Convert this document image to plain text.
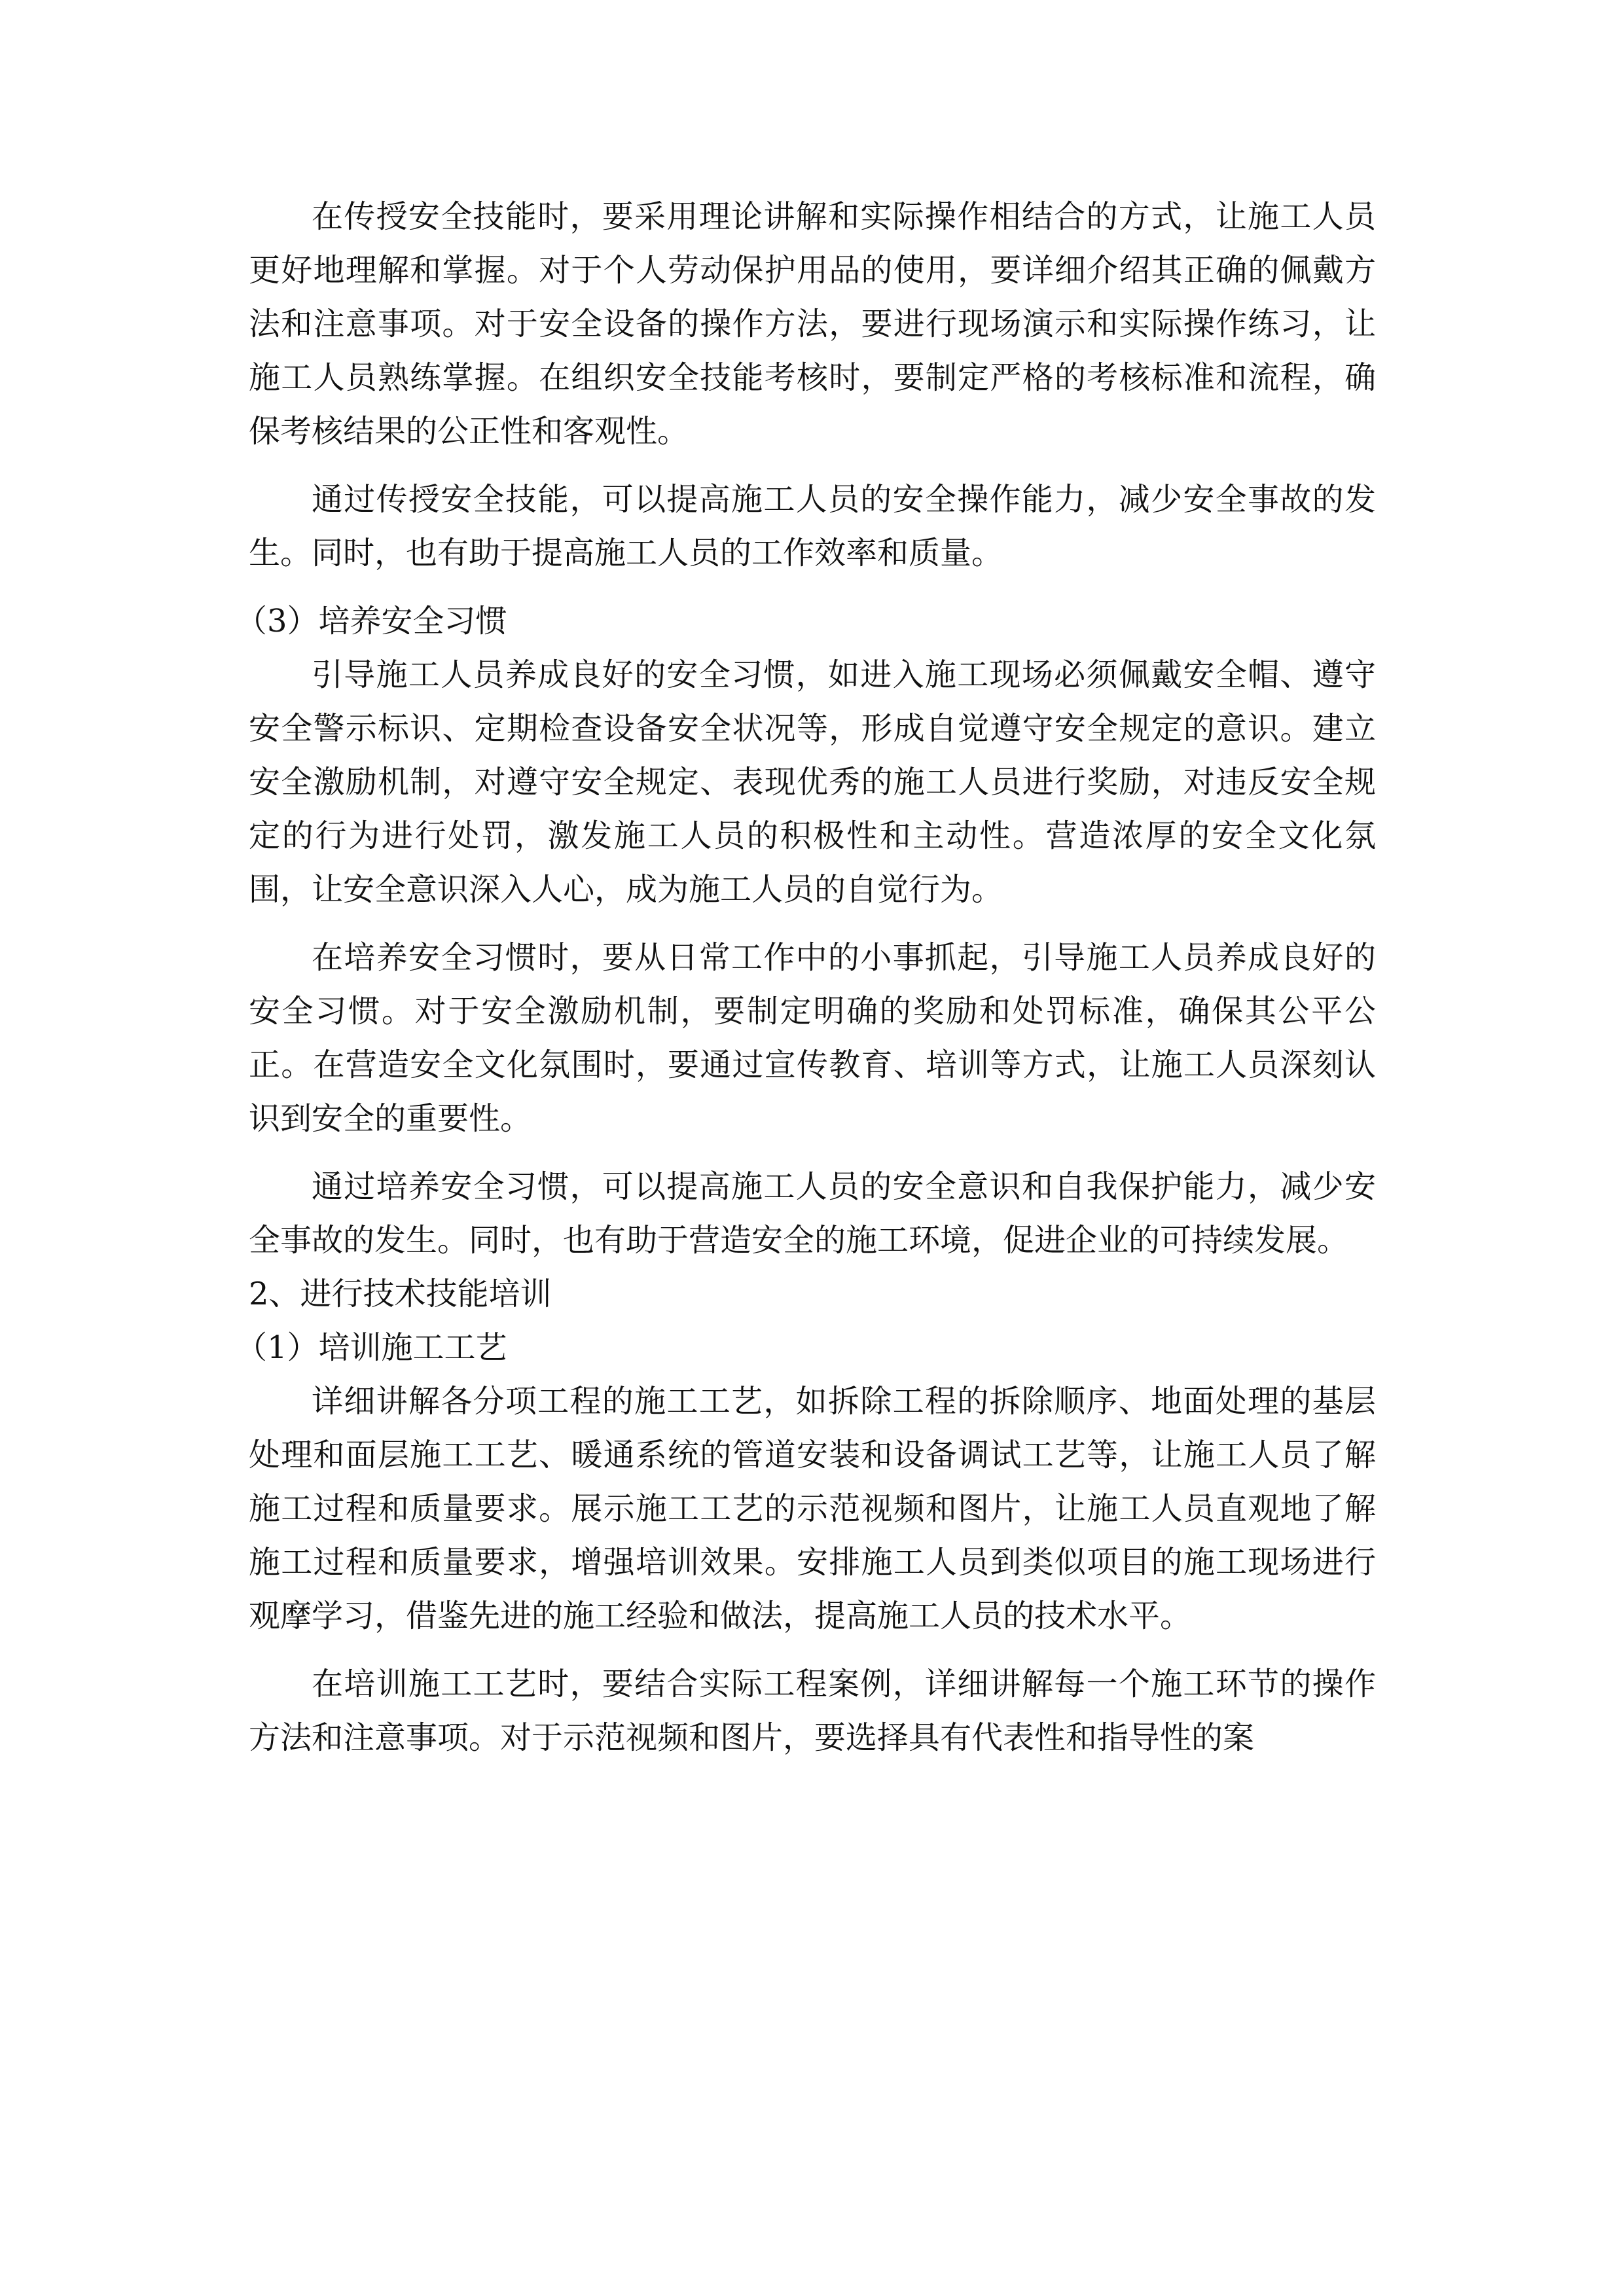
在传授安全技能时，要采用理论讲解和实际操作相结合的方式，让施工人员更好地理解和掌握。对于个人劳动保护用品的使用，要详细介绍其正确的佩戴方法和注意事项。对于安全设备的操作方法，要进行现场演示和实际操作练习，让施工人员熟练掌握。在组织安全技能考核时，要制定严格的考核标准和流程，确保考核结果的公正性和客观性。

通过传授安全技能，可以提高施工人员的安全操作能力，减少安全事故的发生。同时，也有助于提高施工人员的工作效率和质量。

（3）培养安全习惯

引导施工人员养成良好的安全习惯，如进入施工现场必须佩戴安全帽、遵守安全警示标识、定期检查设备安全状况等，形成自觉遵守安全规定的意识。建立安全激励机制，对遵守安全规定、表现优秀的施工人员进行奖励，对违反安全规定的行为进行处罚，激发施工人员的积极性和主动性。营造浓厚的安全文化氛围，让安全意识深入人心，成为施工人员的自觉行为。

在培养安全习惯时，要从日常工作中的小事抓起，引导施工人员养成良好的安全习惯。对于安全激励机制，要制定明确的奖励和处罚标准，确保其公平公正。在营造安全文化氛围时，要通过宣传教育、培训等方式，让施工人员深刻认识到安全的重要性。

通过培养安全习惯，可以提高施工人员的安全意识和自我保护能力，减少安全事故的发生。同时，也有助于营造安全的施工环境，促进企业的可持续发展。

2、进行技术技能培训

（1）培训施工工艺

详细讲解各分项工程的施工工艺，如拆除工程的拆除顺序、地面处理的基层处理和面层施工工艺、暖通系统的管道安装和设备调试工艺等，让施工人员了解施工过程和质量要求。展示施工工艺的示范视频和图片，让施工人员直观地了解施工过程和质量要求，增强培训效果。安排施工人员到类似项目的施工现场进行观摩学习，借鉴先进的施工经验和做法，提高施工人员的技术水平。

在培训施工工艺时，要结合实际工程案例，详细讲解每一个施工环节的操作方法和注意事项。对于示范视频和图片，要选择具有代表性和指导性的案
